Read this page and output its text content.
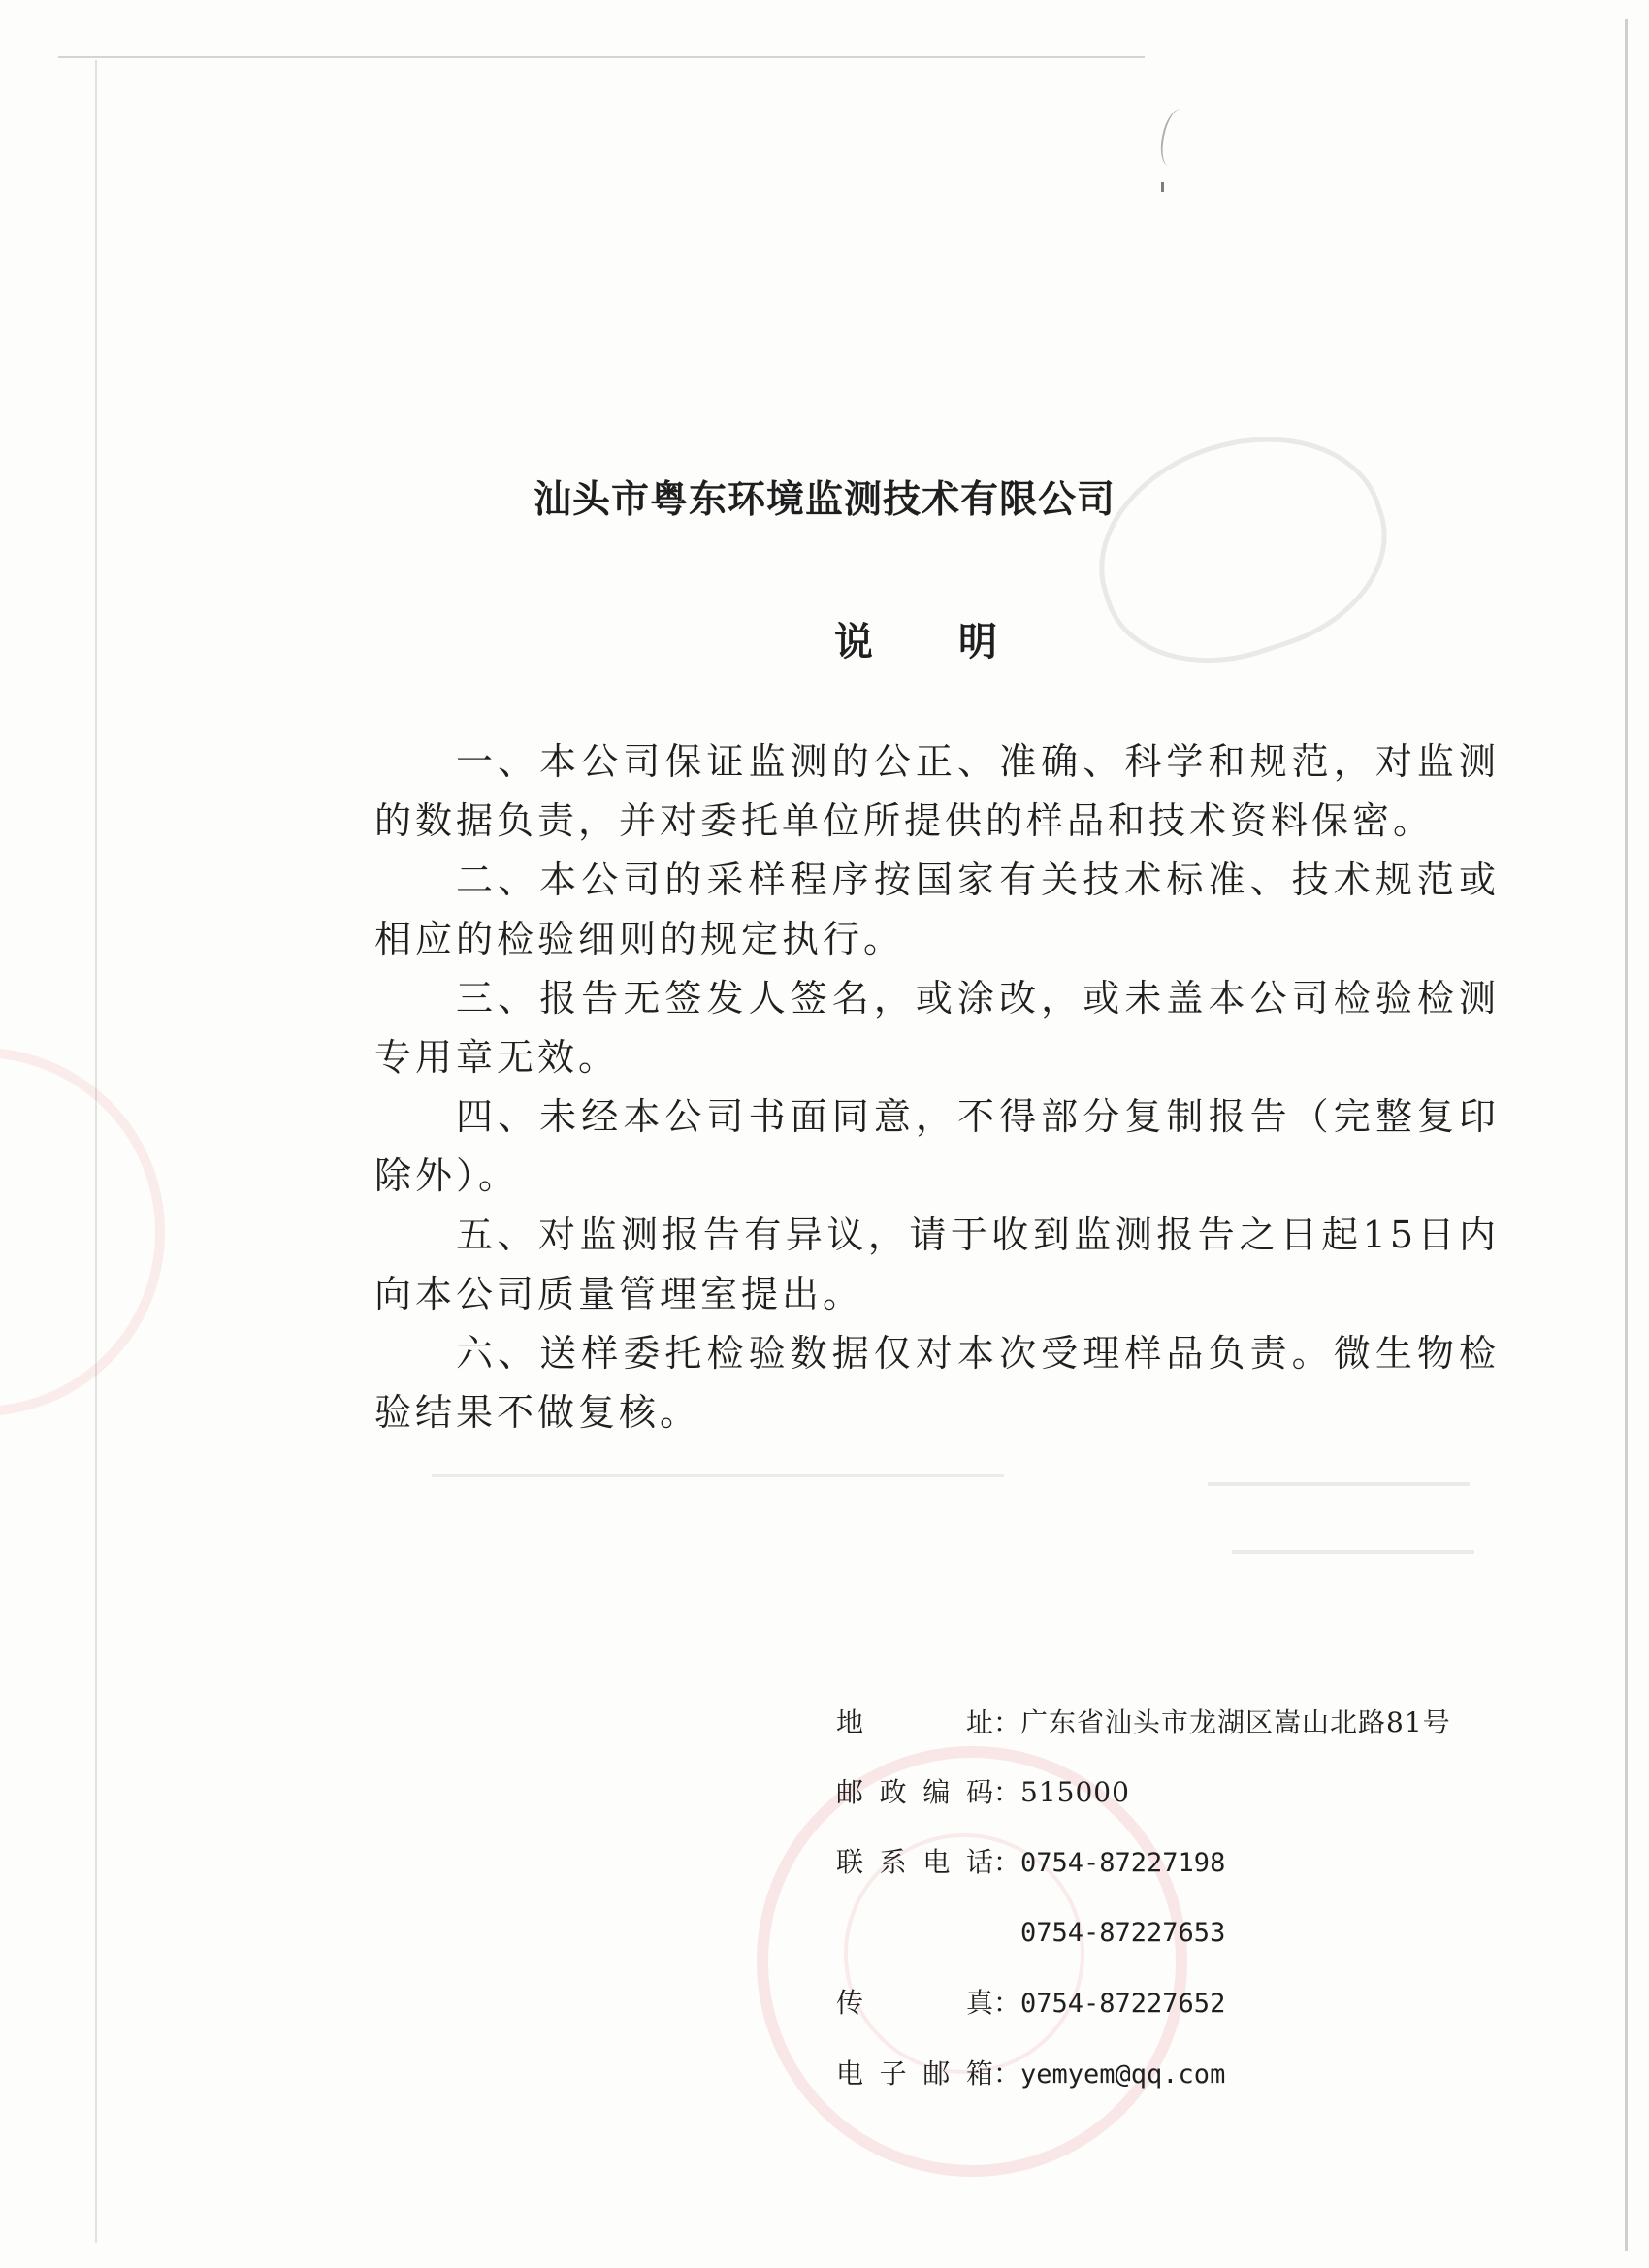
汕头市粤东环境监测技术有限公司
说 明
一、本公司保证监测的公正、准确、科学和规范，对监测的数据负责，并对委托单位所提供的样品和技术资料保密。
二、本公司的采样程序按国家有关技术标准、技术规范或相应的检验细则的规定执行。
三、报告无签发人签名，或涂改，或未盖本公司检验检测专用章无效。
四、未经本公司书面同意，不得部分复制报告（完整复印除外）。
五、对监测报告有异议，请于收到监测报告之日起15日内向本公司质量管理室提出。
六、送样委托检验数据仅对本次受理样品负责。微生物检验结果不做复核。
地址 ： 广东省汕头市龙湖区嵩山北路81号
邮政编码 ： 515000
联系电话 ： 0754-87227198
0754-87227653
传真 ： 0754-87227652
电子邮箱 ： yemyem@qq.com
